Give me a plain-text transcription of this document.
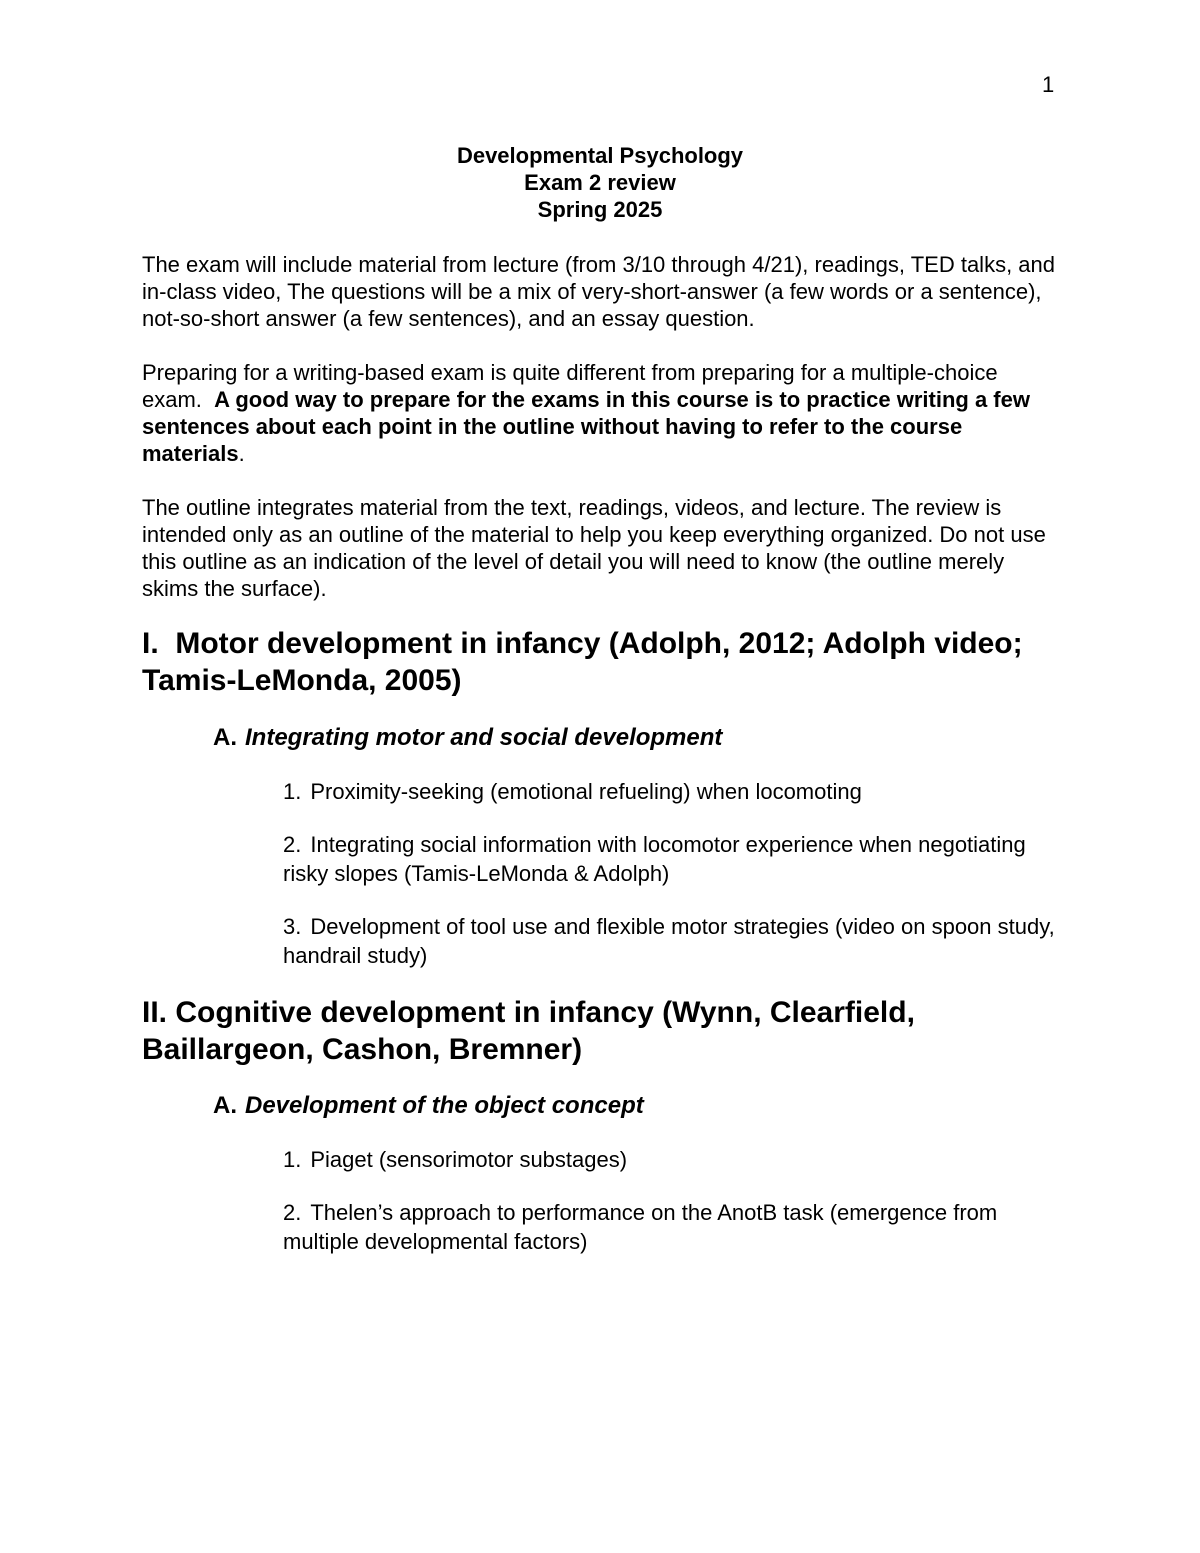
1
Developmental Psychology
Exam 2 review
Spring 2025

The exam will include material from lecture (from 3/10 through 4/21), readings, TED talks, and in-class video, The questions will be a mix of very-short-answer (a few words or a sentence), not-so-short answer (a few sentences), and an essay question.

Preparing for a writing-based exam is quite different from preparing for a multiple-choice exam. A good way to prepare for the exams in this course is to practice writing a few sentences about each point in the outline without having to refer to the course materials.

The outline integrates material from the text, readings, videos, and lecture. The review is intended only as an outline of the material to help you keep everything organized. Do not use this outline as an indication of the level of detail you will need to know (the outline merely skims the surface).

I. Motor development in infancy (Adolph, 2012; Adolph video; Tamis-LeMonda, 2005)
A. Integrating motor and social development

1. Proximity-seeking (emotional refueling) when locomoting

2. Integrating social information with locomotor experience when negotiating risky slopes (Tamis-LeMonda & Adolph)

3. Development of tool use and flexible motor strategies (video on spoon study, handrail study)

II. Cognitive development in infancy (Wynn, Clearfield, Baillargeon, Cashon, Bremner)
A. Development of the object concept

1. Piaget (sensorimotor substages)

2. Thelen’s approach to performance on the AnotB task (emergence from multiple developmental factors)
